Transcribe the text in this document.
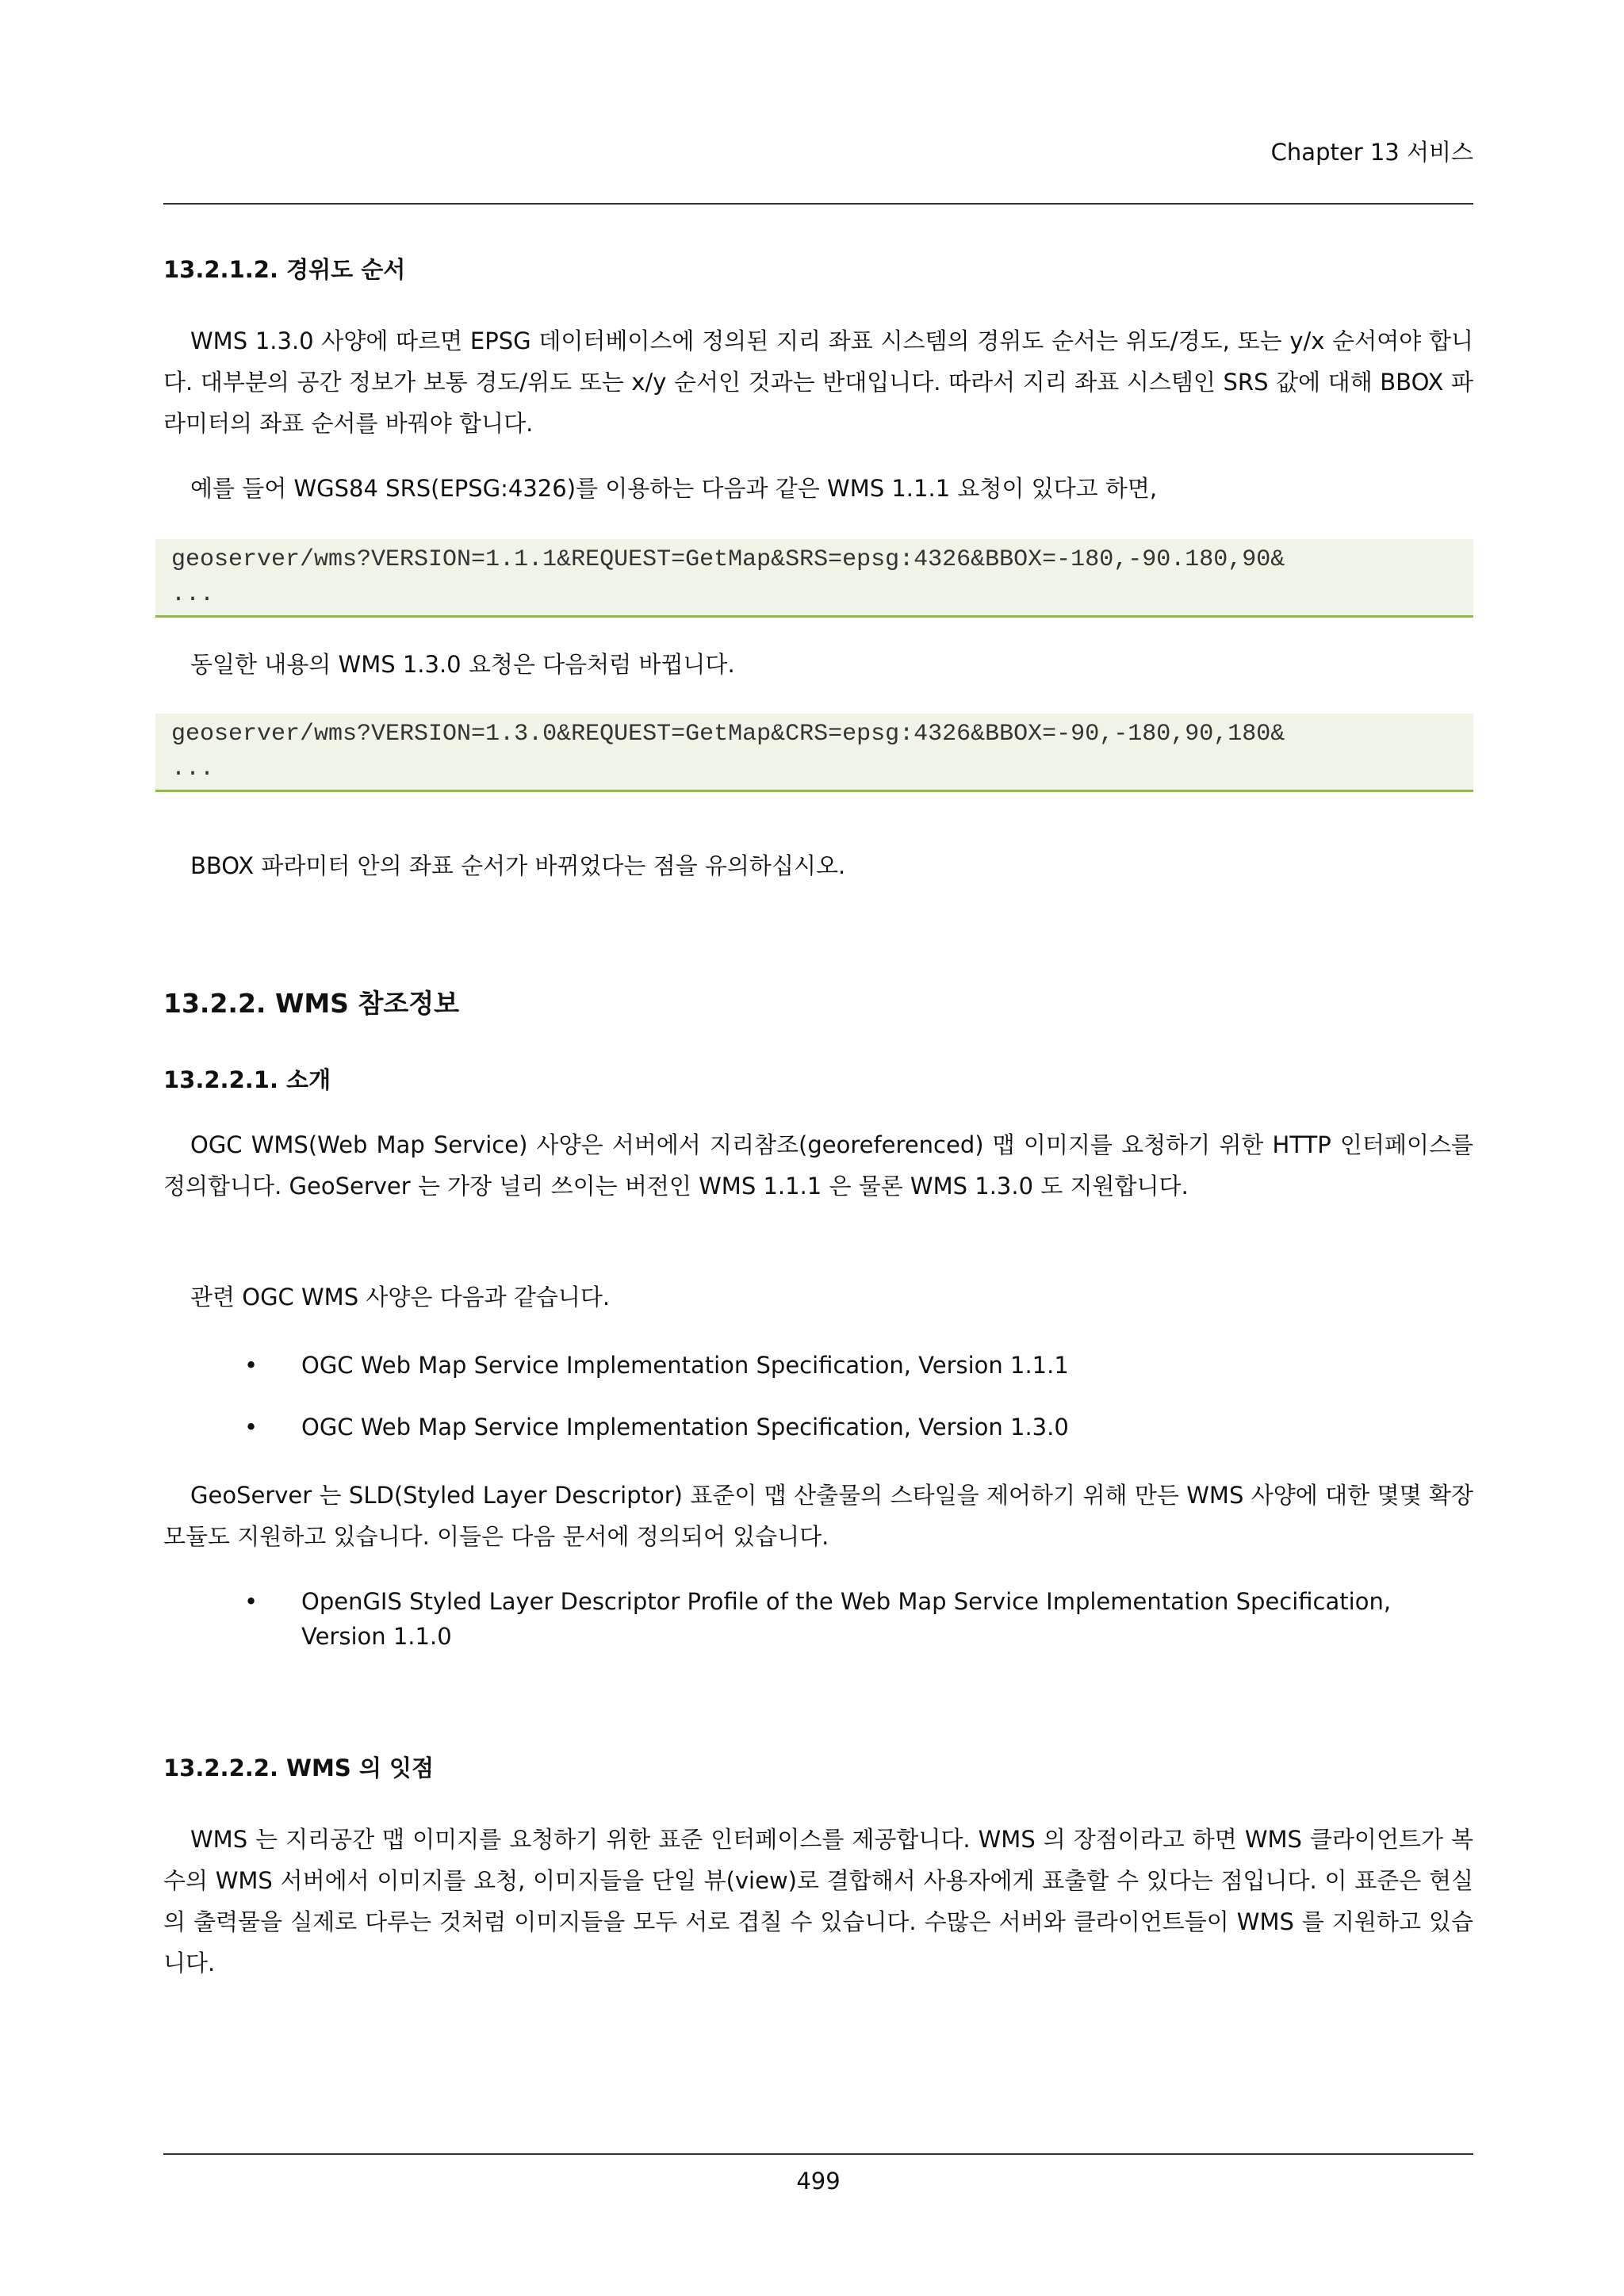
Chapter 13 서비스
13.2.1.2. 경위도 순서
WMS 1.3.0 사양에 따르면 EPSG 데이터베이스에 정의된 지리 좌표 시스템의 경위도 순서는 위도/경도, 또는 y/x 순서여야 합니다. 대부분의 공간 정보가 보통 경도/위도 또는 x/y 순서인 것과는 반대입니다. 따라서 지리 좌표 시스템인 SRS 값에 대해 BBOX 파라미터의 좌표 순서를 바꿔야 합니다.
예를 들어 WGS84 SRS(EPSG:4326)를 이용하는 다음과 같은 WMS 1.1.1 요청이 있다고 하면,
geoserver/wms?VERSION=1.1.1&REQUEST=GetMap&SRS=epsg:4326&BBOX=-180,-90.180,90&
...
동일한 내용의 WMS 1.3.0 요청은 다음처럼 바뀝니다.
geoserver/wms?VERSION=1.3.0&REQUEST=GetMap&CRS=epsg:4326&BBOX=-90,-180,90,180&
...
BBOX 파라미터 안의 좌표 순서가 바뀌었다는 점을 유의하십시오.
13.2.2. WMS 참조정보
13.2.2.1. 소개
OGC WMS(Web Map Service) 사양은 서버에서 지리참조(georeferenced) 맵 이미지를 요청하기 위한 HTTP 인터페이스를 정의합니다. GeoServer 는 가장 널리 쓰이는 버전인 WMS 1.1.1 은 물론 WMS 1.3.0 도 지원합니다.
관련 OGC WMS 사양은 다음과 같습니다.
• OGC Web Map Service Implementation Specification, Version 1.1.1
• OGC Web Map Service Implementation Specification, Version 1.3.0
GeoServer 는 SLD(Styled Layer Descriptor) 표준이 맵 산출물의 스타일을 제어하기 위해 만든 WMS 사양에 대한 몇몇 확장 모듈도 지원하고 있습니다. 이들은 다음 문서에 정의되어 있습니다.
• OpenGIS Styled Layer Descriptor Profile of the Web Map Service Implementation Specification, Version 1.1.0
13.2.2.2. WMS 의 잇점
WMS 는 지리공간 맵 이미지를 요청하기 위한 표준 인터페이스를 제공합니다. WMS 의 장점이라고 하면 WMS 클라이언트가 복수의 WMS 서버에서 이미지를 요청, 이미지들을 단일 뷰(view)로 결합해서 사용자에게 표출할 수 있다는 점입니다. 이 표준은 현실의 출력물을 실제로 다루는 것처럼 이미지들을 모두 서로 겹칠 수 있습니다. 수많은 서버와 클라이언트들이 WMS 를 지원하고 있습니다.
499
